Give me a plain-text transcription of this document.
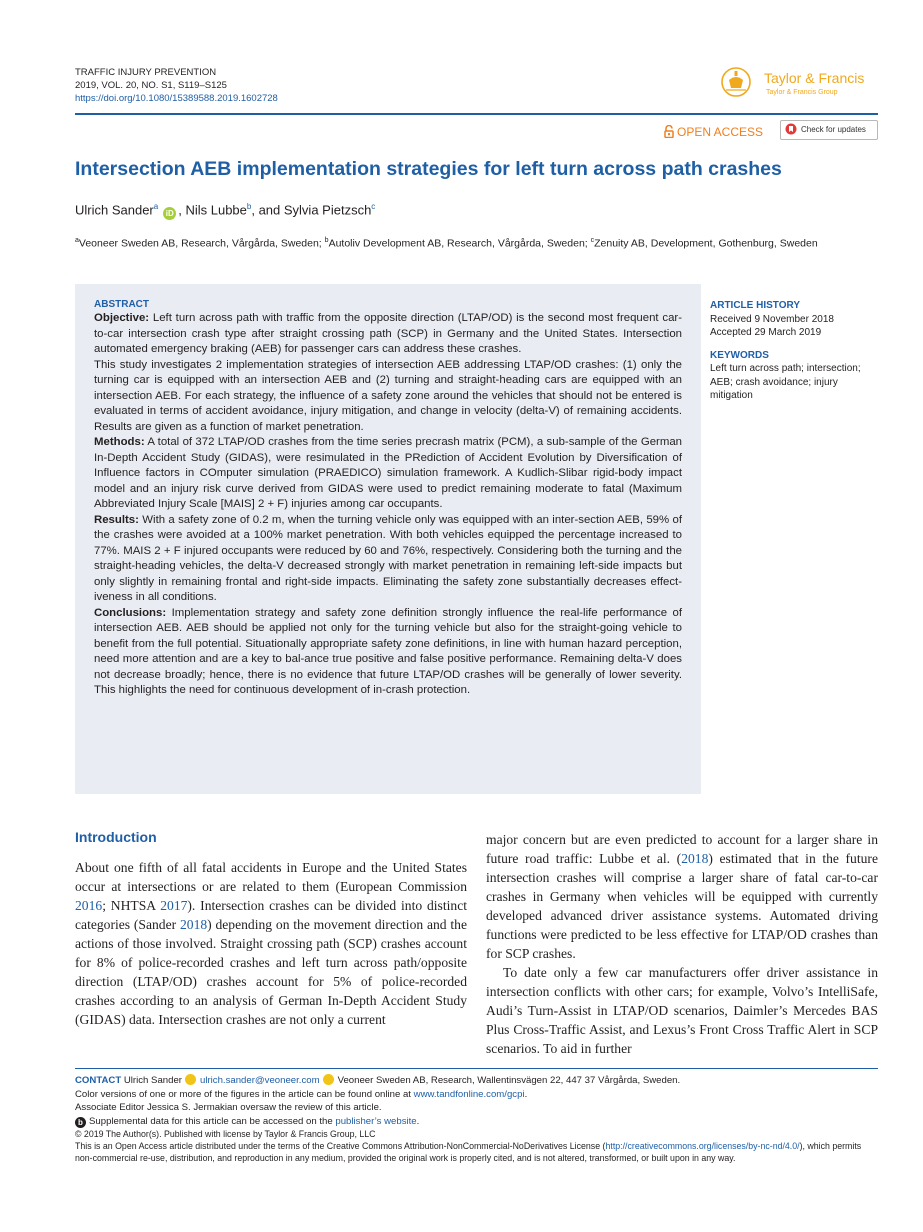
TRAFFIC INJURY PREVENTION
2019, VOL. 20, NO. S1, S119–S125
https://doi.org/10.1080/15389588.2019.1602728
Taylor & Francis
Taylor & Francis Group
OPEN ACCESS	Check for updates
Intersection AEB implementation strategies for left turn across path crashes
Ulrich Sander$^a$iD , Nils Lubbe$^b$, and Sylvia Pietzsch$^c$
$^a$Veoneer Sweden AB, Research, Vårgårda, Sweden; $^b$Autoliv Development AB, Research, Vårgårda, Sweden; $^c$Zenuity AB, Development, Gothenburg, Sweden
ABSTRACT

Objective: Left turn across path with traffic from the opposite direction (LTAP/OD) is the second most frequent car-to-car intersection crash type after straight crossing path (SCP) in Germany and the United States. Intersection automated emergency braking (AEB) for passenger cars can address these crashes.

This study investigates 2 implementation strategies of intersection AEB addressing LTAP/OD crashes: (1) only the turning car is equipped with an intersection AEB and (2) turning and straight-heading cars are equipped with an intersection AEB. For each strategy, the influence of a safety zone around the vehicles that should not be entered is evaluated in terms of accident avoidance, injury mitigation, and change in velocity (delta-V) of remaining accidents. Results are given as a function of market penetration.

Methods: A total of 372 LTAP/OD crashes from the time series precrash matrix (PCM), a sub-sample of the German In-Depth Accident Study (GIDAS), were resimulated in the PRediction of Accident Evolution by Diversification of Influence factors in COmputer simulation (PRAEDICO) simulation framework. A Kudlich-Slibar rigid-body impact model and an injury risk curve derived from GIDAS were used to predict remaining moderate to fatal (Maximum Abbreviated Injury Scale [MAIS] 2 + F) injuries among car occupants.

Results: With a safety zone of 0.2 m, when the turning vehicle only was equipped with an inter-section AEB, 59% of the crashes were avoided at a 100% market penetration. With both vehicles equipped the percentage increased to 77%. MAIS 2 + F injured occupants were reduced by 60 and 76%, respectively. Considering both the turning and the straight-heading vehicles, the delta-V decreased strongly with market penetration in remaining left-side impacts but only slightly in remaining frontal and right-side impacts. Eliminating the safety zone substantially decreases effect-iveness in all conditions.

Conclusions: Implementation strategy and safety zone definition strongly influence the real-life performance of intersection AEB. AEB should be applied not only for the turning vehicle but also for the straight-going vehicle to benefit from the full potential. Situationally appropriate safety zone definitions, in line with human hazard perception, need more attention and are a key to bal-ance true positive and false positive performance. Remaining delta-V does not decrease broadly; hence, there is no evidence that future LTAP/OD crashes will be generally of lower severity. This highlights the need for continuous development of in-crash protection.

ARTICLE HISTORY
Received 9 November 2018
Accepted 29 March 2019
KEYWORDS
Left turn across path; intersection; AEB; crash avoidance; injury mitigation
Introduction

About one fifth of all fatal accidents in Europe and the United States occur at intersections or are related to them (European Commission 2016; NHTSA 2017). Intersection crashes can be divided into distinct categories (Sander 2018) depending on the movement direction and the actions of those involved. Straight crossing path (SCP) crashes account for 8% of police-recorded crashes and left turn across path/opposite direction (LTAP/OD) crashes account for 5% of police-recorded crashes according to an analysis of German In-Depth Accident Study (GIDAS) data. Intersection crashes are not only a current

major concern but are even predicted to account for a larger share in future road traffic: Lubbe et al. (2018) estimated that in the future intersection crashes will comprise a larger share of fatal car-to-car crashes in Germany when vehicles will be equipped with currently developed advanced driver assistance systems. Automated driving functions were predicted to be less effective for LTAP/OD crashes than for SCP crashes.

To date only a few car manufacturers offer driver assistance in intersection conflicts with other cars; for example, Volvo’s IntelliSafe, Audi’s Turn-Assist in LTAP/OD scenarios, Daimler’s Mercedes BAS Plus Cross-Traffic Assist, and Lexus’s Front Cross Traffic Alert in SCP scenarios. To aid in further

CONTACT Ulrich Sander ulrich.sander@veoneer.com Veoneer Sweden AB, Research, Wallentinsvägen 22, 447 37 Vårgårda, Sweden.

Color versions of one or more of the figures in the article can be found online at www.tandfonline.com/gcpi.

Associate Editor Jessica S. Jermakian oversaw the review of this article.

b Supplemental data for this article can be accessed on the publisher’s website.

© 2019 The Author(s). Published with license by Taylor & Francis Group, LLC

This is an Open Access article distributed under the terms of the Creative Commons Attribution-NonCommercial-NoDerivatives License (http://creativecommons.org/licenses/by-nc-nd/4.0/), which permits non-commercial re-use, distribution, and reproduction in any medium, provided the original work is properly cited, and is not altered, transformed, or built upon in any way.
